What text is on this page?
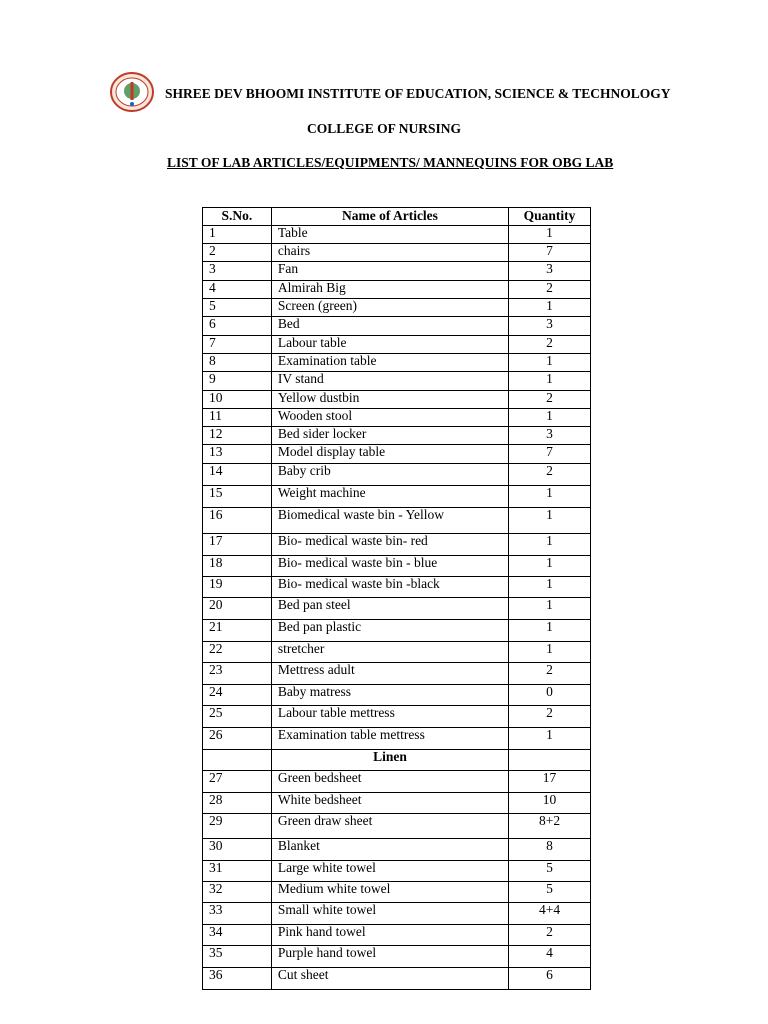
SHREE DEV BHOOMI INSTITUTE OF EDUCATION, SCIENCE & TECHNOLOGY
COLLEGE OF NURSING
LIST OF LAB ARTICLES/EQUIPMENTS/ MANNEQUINS FOR OBG LAB
S.No.	Name of Articles	Quantity
1	Table	1
2	chairs	7
3	Fan	3
4	Almirah Big	2
5	Screen (green)	1
6	Bed	3
7	Labour table	2
8	Examination table	1
9	IV stand	1
10	Yellow dustbin	2
11	Wooden stool	1
12	Bed sider locker	3
13	Model display table	7
14	Baby crib	2
15	Weight machine	1
16	Biomedical waste bin - Yellow	1
17	Bio- medical waste bin- red	1
18	Bio- medical waste bin - blue	1
19	Bio- medical waste bin -black	1
20	Bed pan steel	1
21	Bed pan plastic	1
22	stretcher	1
23	Mettress adult	2
24	Baby matress	0
25	Labour table mettress	2
26	Examination table mettress	1
	Linen	
27	Green bedsheet	17
28	White bedsheet	10
29	Green draw sheet	8+2
30	Blanket	8
31	Large white towel	5
32	Medium white towel	5
33	Small white towel	4+4
34	Pink hand towel	2
35	Purple hand towel	4
36	Cut sheet	6
